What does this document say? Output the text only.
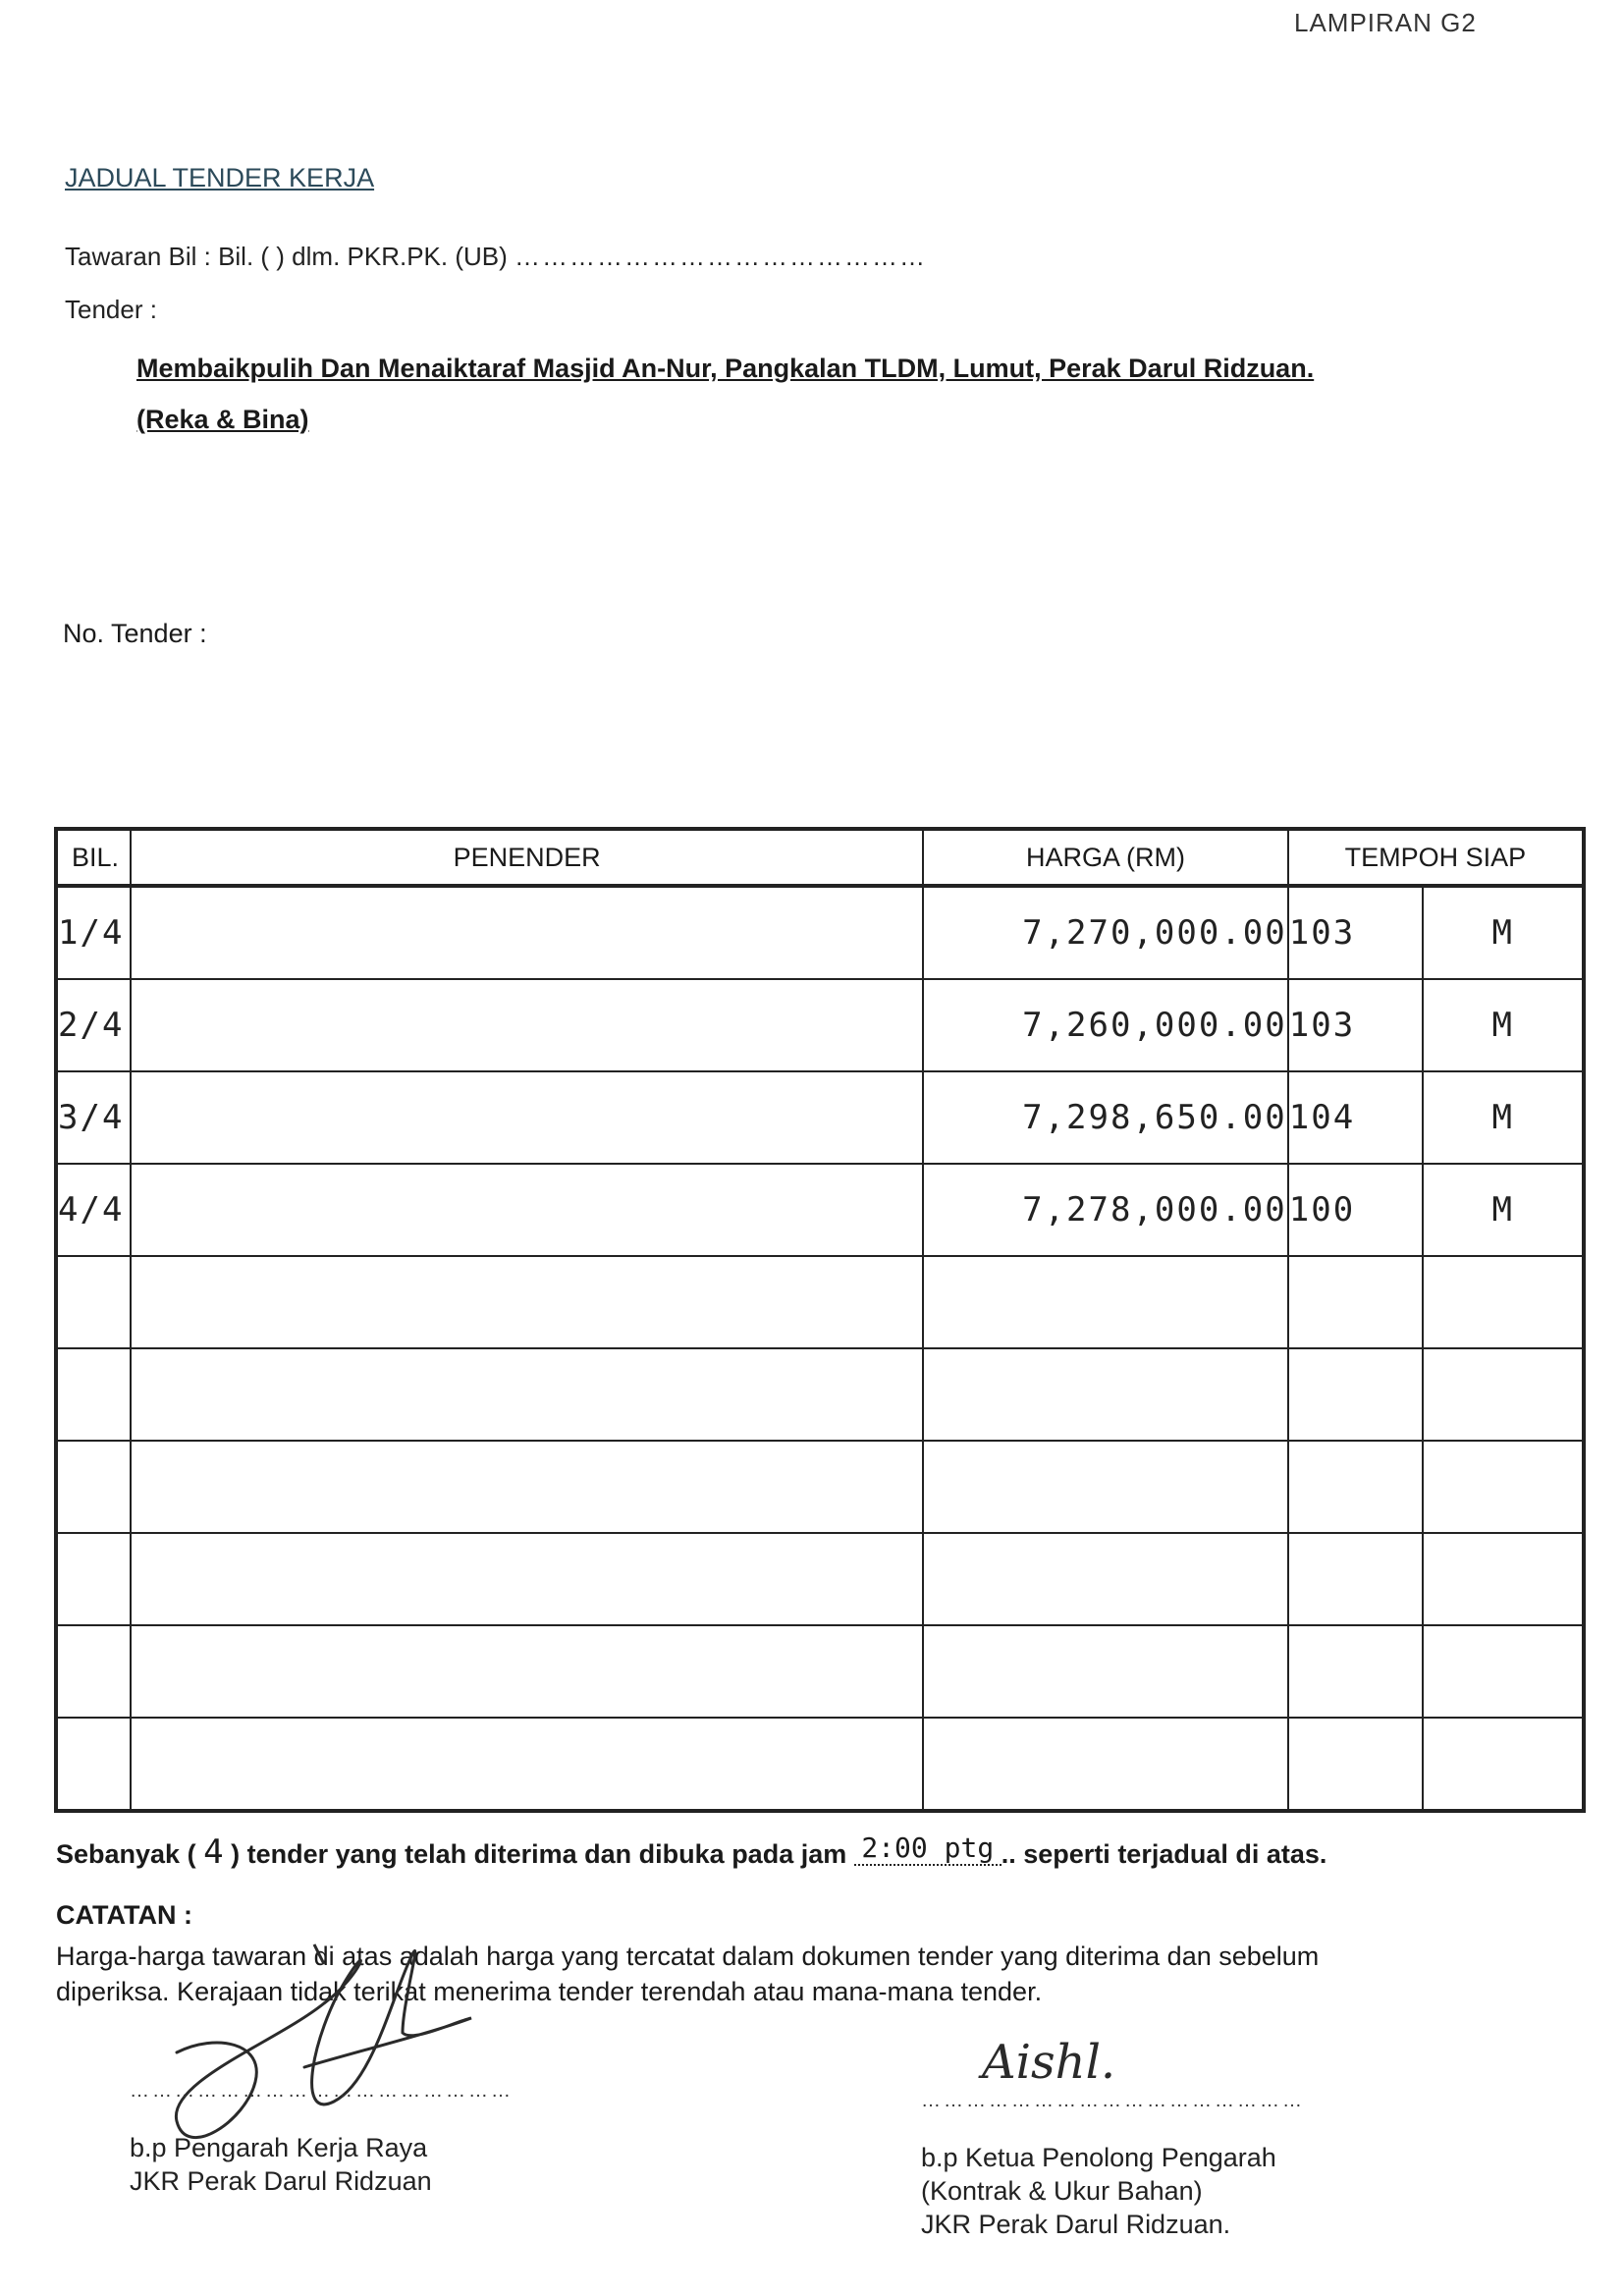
LAMPIRAN G2
JADUAL TENDER KERJA
Tawaran Bil : Bil. ( ) dlm. PKR.PK. (UB) ………………………………………
Tender :
Membaikpulih Dan Menaiktaraf Masjid An-Nur, Pangkalan TLDM, Lumut, Perak Darul Ridzuan.
(Reka & Bina)
No. Tender :
BIL.	PENENDER	HARGA (RM)	TEMPOH SIAP	
1/4		7,270,000.00	103	M
2/4		7,260,000.00	103	M
3/4		7,298,650.00	104	M
4/4		7,278,000.00	100	M

Sebanyak ( 4 ) tender yang telah diterima dan dibuka pada jam 2:00 ptg .. seperti terjadual di atas.
CATATAN :
Harga-harga tawaran di atas adalah harga yang tercatat dalam dokumen tender yang diterima dan sebelum diperiksa. Kerajaan tidak terikat menerima tender terendah atau mana-mana tender.
……………………………………………
b.p Pengarah Kerja Raya
JKR Perak Darul Ridzuan
Aishl.
……………………………………………
b.p Ketua Penolong Pengarah
(Kontrak & Ukur Bahan)
JKR Perak Darul Ridzuan.
